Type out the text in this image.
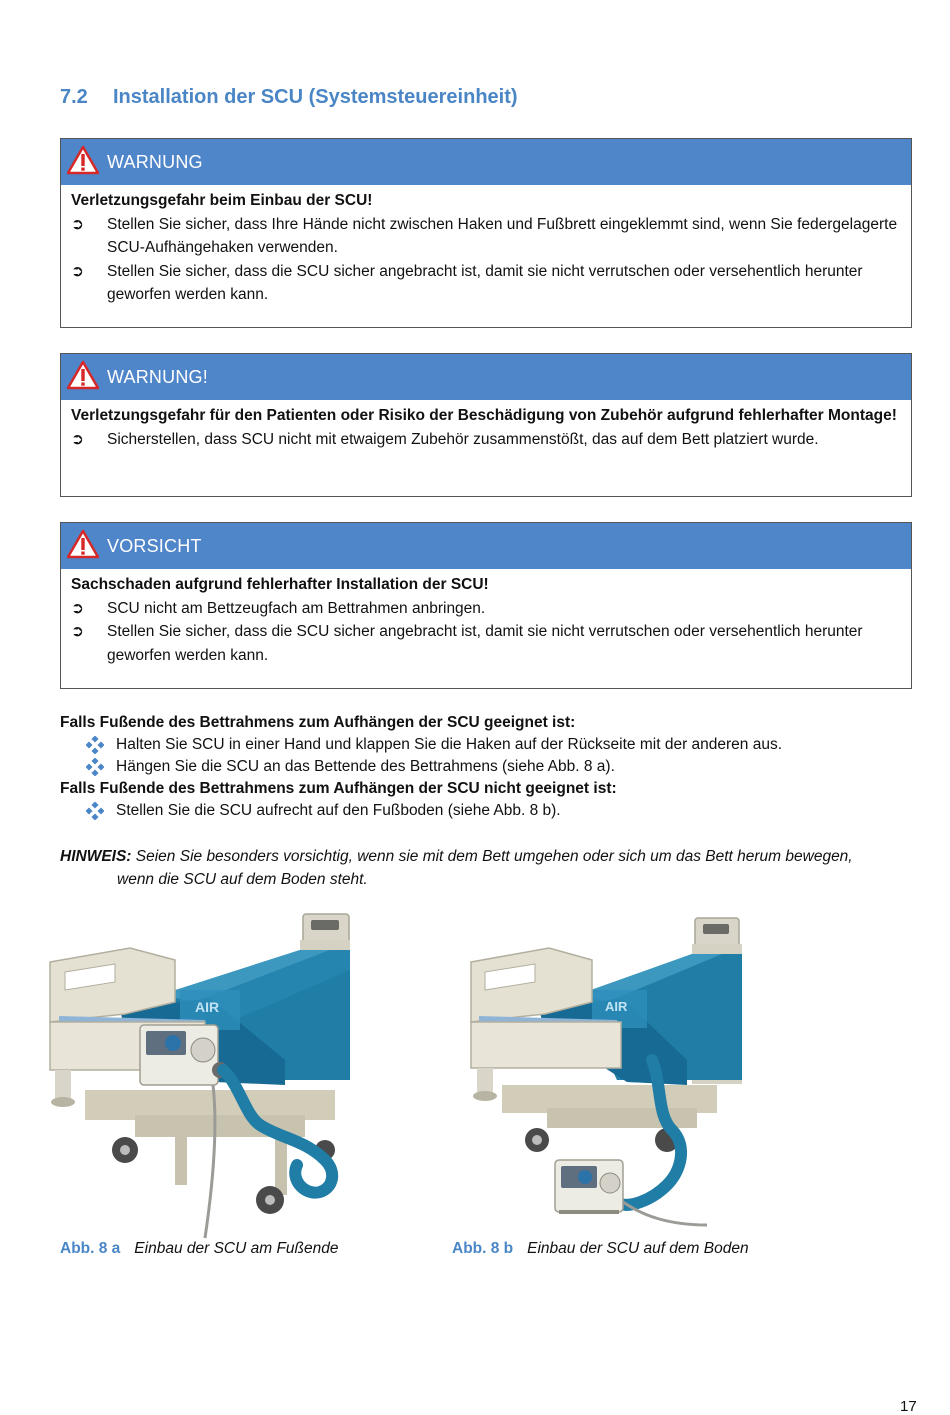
7.2 Installation der SCU (Systemsteuereinheit)
WARNUNG
Verletzungsgefahr beim Einbau der SCU!
➲ Stellen Sie sicher, dass Ihre Hände nicht zwischen Haken und Fußbrett eingeklemmt sind, wenn Sie federgelagerte SCU-Aufhängehaken verwenden.
➲ Stellen Sie sicher, dass die SCU sicher angebracht ist, damit sie nicht verrutschen oder versehentlich herunter geworfen werden kann.
WARNUNG!
Verletzungsgefahr für den Patienten oder Risiko der Beschädigung von Zubehör aufgrund fehlerhafter Montage!
➲ Sicherstellen, dass SCU nicht mit etwaigem Zubehör zusammenstößt, das auf dem Bett platziert wurde.
VORSICHT
Sachschaden aufgrund fehlerhafter Installation der SCU!
➲ SCU nicht am Bettzeugfach am Bettrahmen anbringen.
➲ Stellen Sie sicher, dass die SCU sicher angebracht ist, damit sie nicht verrutschen oder versehentlich herunter geworfen werden kann.
Falls Fußende des Bettrahmens zum Aufhängen der SCU geeignet ist:
Halten Sie SCU in einer Hand und klappen Sie die Haken auf der Rückseite mit der anderen aus.
Hängen Sie die SCU an das Bettende des Bettrahmens (siehe Abb. 8 a).
Falls Fußende des Bettrahmens zum Aufhängen der SCU nicht geeignet ist:
Stellen Sie die SCU aufrecht auf den Fußboden (siehe Abb. 8 b).
HINWEIS: Seien Sie besonders vorsichtig, wenn sie mit dem Bett umgehen oder sich um das Bett herum bewegen,
wenn die SCU auf dem Boden steht.
AIR	AIR
Abb. 8 a Einbau der SCU am Fußende	Abb. 8 b Einbau der SCU auf dem Boden
17
